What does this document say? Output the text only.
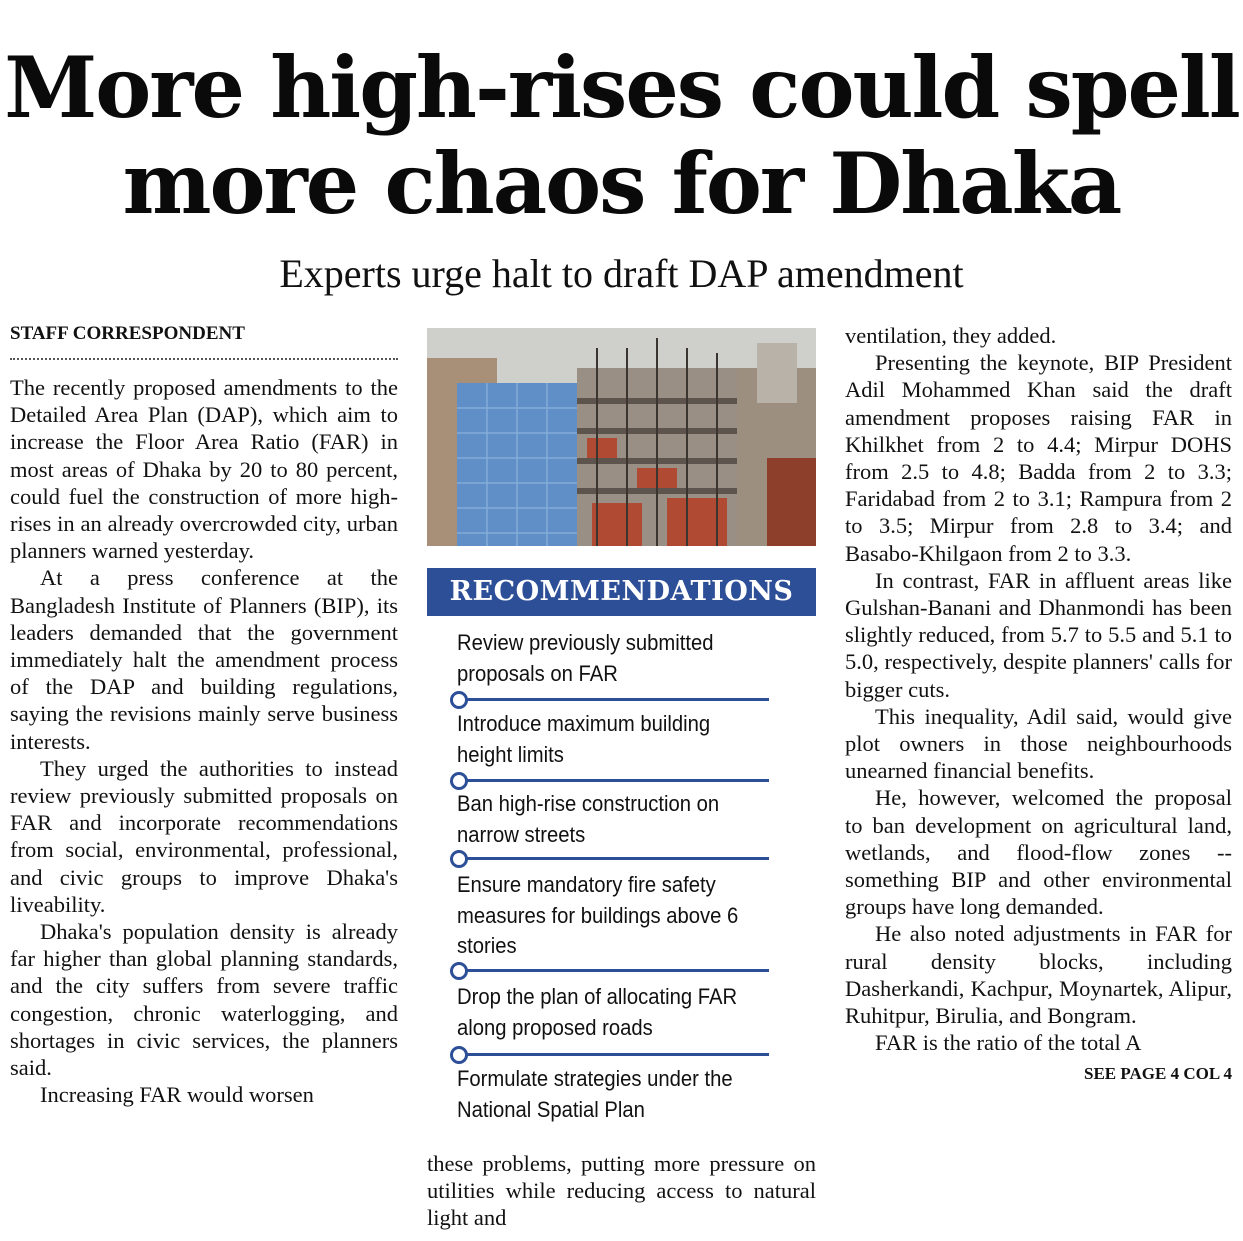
More high-rises could spell
more chaos for Dhaka
Experts urge halt to draft DAP amendment
STAFF CORRESPONDENT

The recently proposed amendments to the Detailed Area Plan (DAP), which aim to increase the Floor Area Ratio (FAR) in most areas of Dhaka by 20 to 80 percent, could fuel the construction of more high-rises in an already overcrowded city, urban planners warned yesterday.

At a press conference at the Bangladesh Institute of Planners (BIP), its leaders demanded that the government immediately halt the amendment process of the DAP and building regulations, saying the revisions mainly serve business interests.

They urged the authorities to instead review previously submitted proposals on FAR and incorporate recommendations from social, environmental, professional, and civic groups to improve Dhaka's liveability.

Dhaka's population density is already far higher than global planning standards, and the city suffers from severe traffic congestion, chronic waterlogging, and shortages in civic services, the planners said.

Increasing FAR would worsen

RECOMMENDATIONS
Review previously submitted proposals on FAR
Introduce maximum building height limits
Ban high-rise construction on narrow streets
Ensure mandatory fire safety measures for buildings above 6 stories
Drop the plan of allocating FAR along proposed roads
Formulate strategies under the National Spatial Plan

these problems, putting more pressure on utilities while reducing access to natural light and

ventilation, they added.

Presenting the keynote, BIP President Adil Mohammed Khan said the draft amendment proposes raising FAR in Khilkhet from 2 to 4.4; Mirpur DOHS from 2.5 to 4.8; Badda from 2 to 3.3; Faridabad from 2 to 3.1; Rampura from 2 to 3.5; Mirpur from 2.8 to 3.4; and Basabo-Khilgaon from 2 to 3.3.

In contrast, FAR in affluent areas like Gulshan-Banani and Dhanmondi has been slightly reduced, from 5.7 to 5.5 and 5.1 to 5.0, respectively, despite planners' calls for bigger cuts.

This inequality, Adil said, would give plot owners in those neighbourhoods unearned financial benefits.

He, however, welcomed the proposal to ban development on agricultural land, wetlands, and flood-flow zones -- something BIP and other environmental groups have long demanded.

He also noted adjustments in FAR for rural density blocks, including Dasherkandi, Kachpur, Moynartek, Alipur, Ruhitpur, Birulia, and Bongram.

FAR is the ratio of the total A

SEE PAGE 4 COL 4
